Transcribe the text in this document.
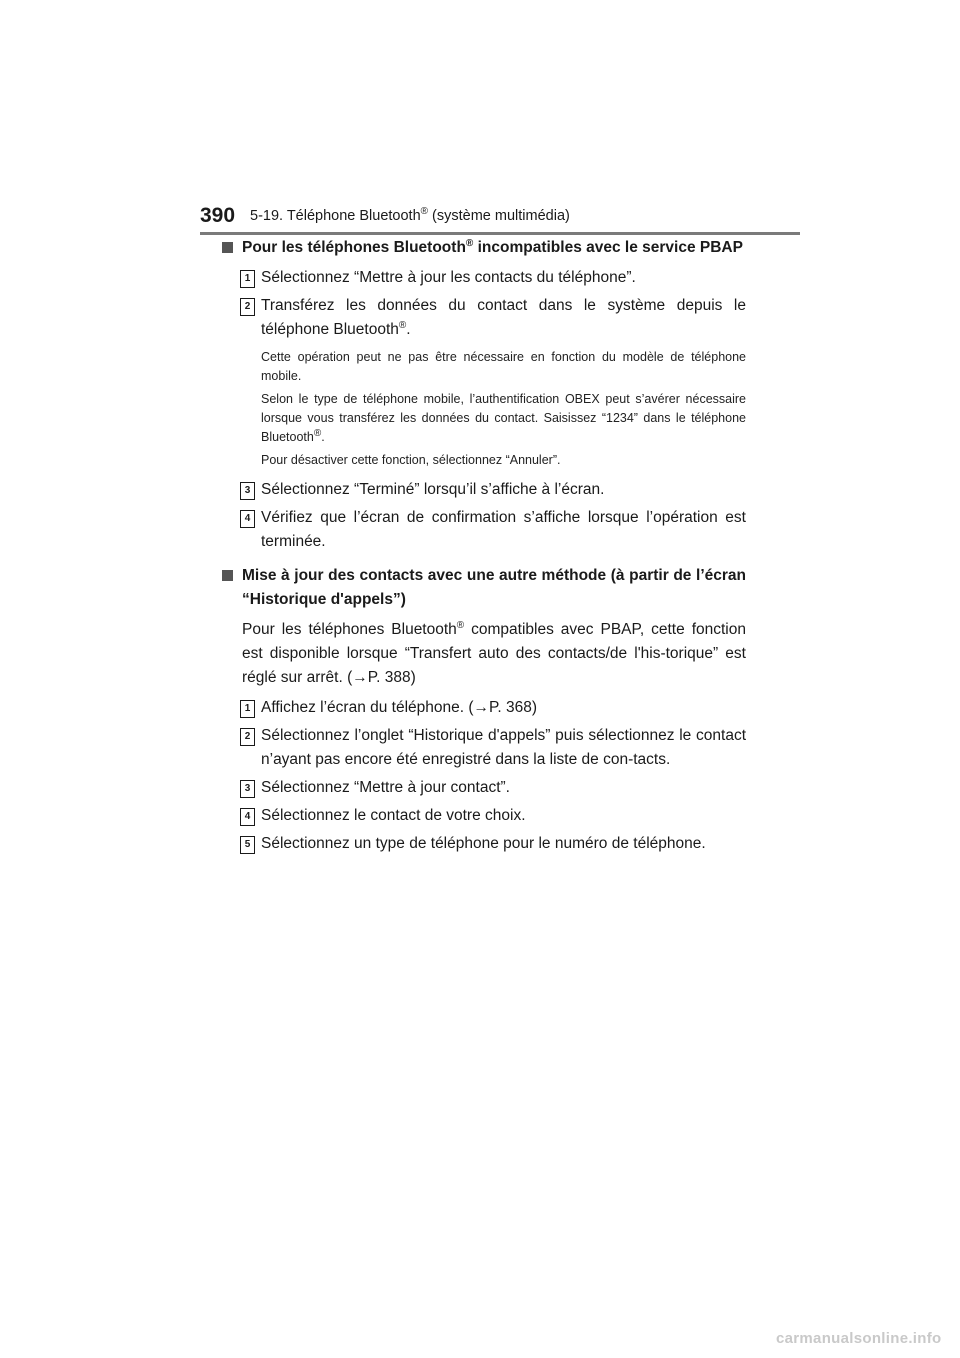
390 5-19. Téléphone Bluetooth® (système multimédia)
Pour les téléphones Bluetooth® incompatibles avec le service PBAP
1 Sélectionnez “Mettre à jour les contacts du téléphone”.
2 Transférez les données du contact dans le système depuis le téléphone Bluetooth®.
Cette opération peut ne pas être nécessaire en fonction du modèle de téléphone mobile.
Selon le type de téléphone mobile, l’authentification OBEX peut s’avérer nécessaire lorsque vous transférez les données du contact. Saisissez “1234” dans le téléphone Bluetooth®.
Pour désactiver cette fonction, sélectionnez “Annuler”.
3 Sélectionnez “Terminé” lorsqu’il s’affiche à l’écran.
4 Vérifiez que l’écran de confirmation s’affiche lorsque l’opération est terminée.
Mise à jour des contacts avec une autre méthode (à partir de l’écran “Historique d'appels”)
Pour les téléphones Bluetooth® compatibles avec PBAP, cette fonction est disponible lorsque “Transfert auto des contacts/de l'his-torique” est réglé sur arrêt. (→P. 388)
1 Affichez l’écran du téléphone. (→P. 368)
2 Sélectionnez l’onglet “Historique d'appels” puis sélectionnez le contact n’ayant pas encore été enregistré dans la liste de con-tacts.
3 Sélectionnez “Mettre à jour contact”.
4 Sélectionnez le contact de votre choix.
5 Sélectionnez un type de téléphone pour le numéro de téléphone.
carmanualsonline.info
